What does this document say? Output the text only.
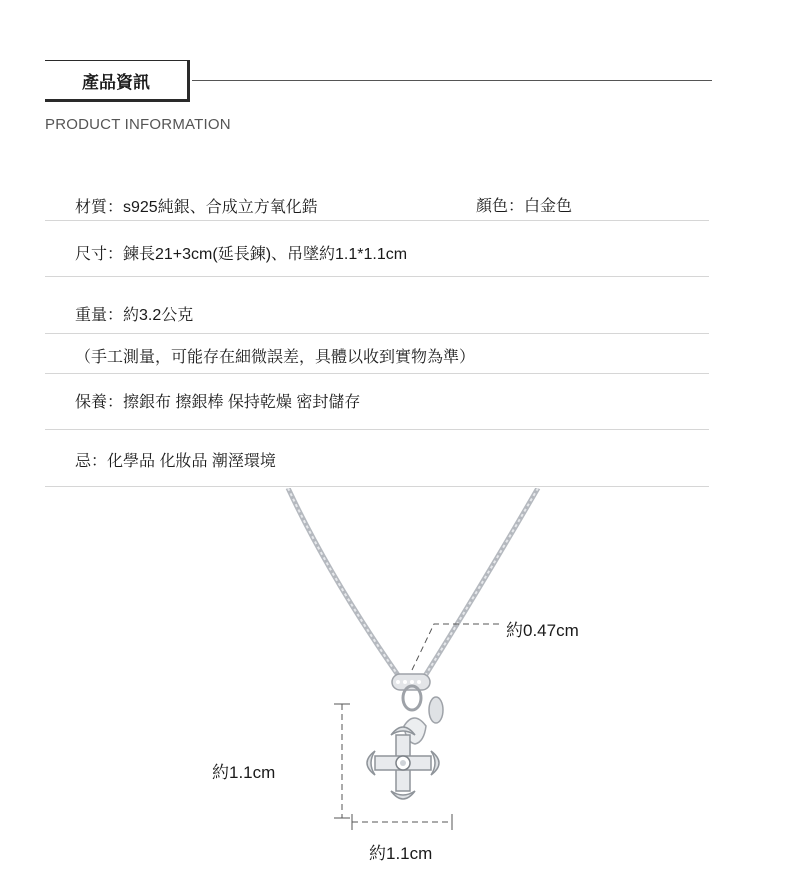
產品資訊
PRODUCT INFORMATION
材質：s925純銀、合成立方氧化鋯	顏色：白金色
尺寸：鍊長21+3cm(延長鍊)、吊墜約1.1*1.1cm
重量：約3.2公克
（手工測量，可能存在細微誤差，具體以收到實物為準）
保養：擦銀布 擦銀棒 保持乾燥 密封儲存
忌：化學品 化妝品 潮溼環境
約0.47cm
約1.1cm
約1.1cm
